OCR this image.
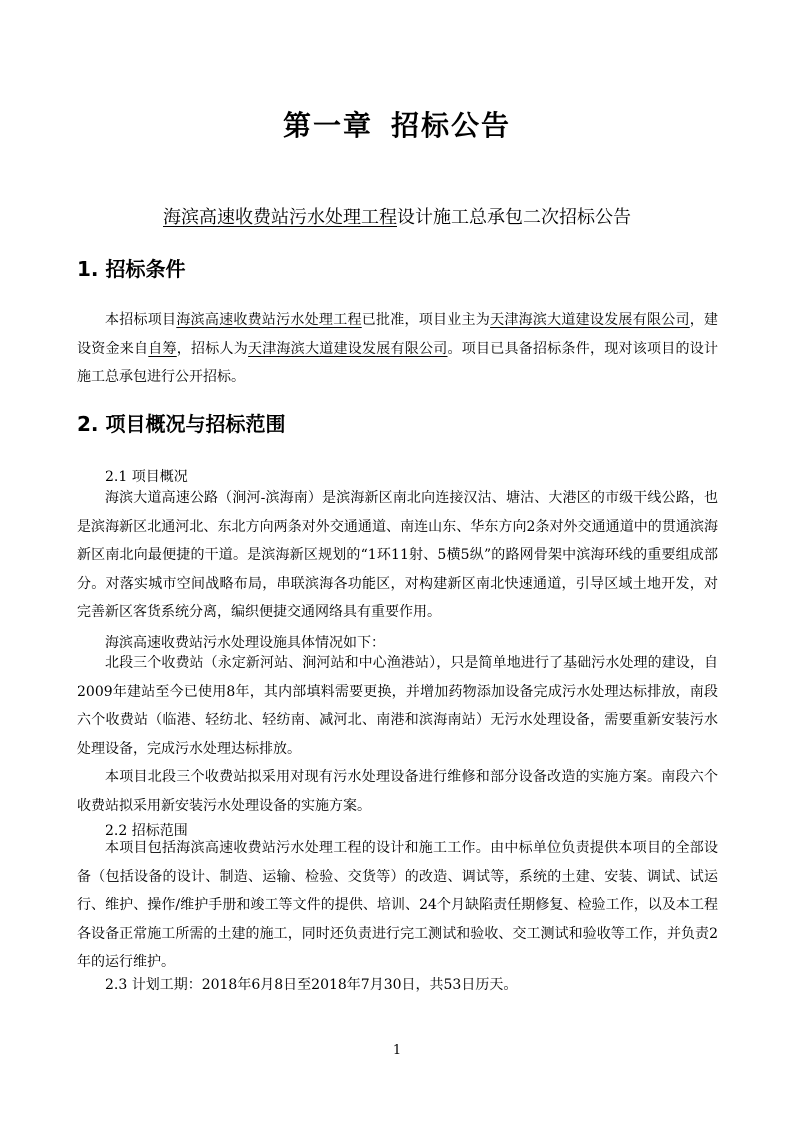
第一章 招标公告
海滨高速收费站污水处理工程设计施工总承包二次招标公告
1. 招标条件
本招标项目海滨高速收费站污水处理工程已批准，项目业主为天津海滨大道建设发展有限公司，建设资金来自自筹，招标人为天津海滨大道建设发展有限公司。项目已具备招标条件，现对该项目的设计施工总承包进行公开招标。
2. 项目概况与招标范围
2.1 项目概况
海滨大道高速公路（涧河-滨海南）是滨海新区南北向连接汉沽、塘沽、大港区的市级干线公路，也是滨海新区北通河北、东北方向两条对外交通通道、南连山东、华东方向2条对外交通通道中的贯通滨海新区南北向最便捷的干道。是滨海新区规划的“1环11射、5横5纵”的路网骨架中滨海环线的重要组成部分。对落实城市空间战略布局，串联滨海各功能区，对构建新区南北快速通道，引导区域土地开发，对完善新区客货系统分离，编织便捷交通网络具有重要作用。
海滨高速收费站污水处理设施具体情况如下：
北段三个收费站（永定新河站、涧河站和中心渔港站），只是简单地进行了基础污水处理的建设，自2009年建站至今已使用8年，其内部填料需要更换，并增加药物添加设备完成污水处理达标排放，南段六个收费站（临港、轻纺北、轻纺南、减河北、南港和滨海南站）无污水处理设备，需要重新安装污水处理设备，完成污水处理达标排放。
本项目北段三个收费站拟采用对现有污水处理设备进行维修和部分设备改造的实施方案。南段六个收费站拟采用新安装污水处理设备的实施方案。
2.2 招标范围
本项目包括海滨高速收费站污水处理工程的设计和施工工作。由中标单位负责提供本项目的全部设备（包括设备的设计、制造、运输、检验、交货等）的改造、调试等，系统的土建、安装、调试、试运行、维护、操作/维护手册和竣工等文件的提供、培训、24个月缺陷责任期修复、检验工作，以及本工程各设备正常施工所需的土建的施工，同时还负责进行完工测试和验收、交工测试和验收等工作，并负责2年的运行维护。
2.3 计划工期：2018年6月8日至2018年7月30日，共53日历天。
1
